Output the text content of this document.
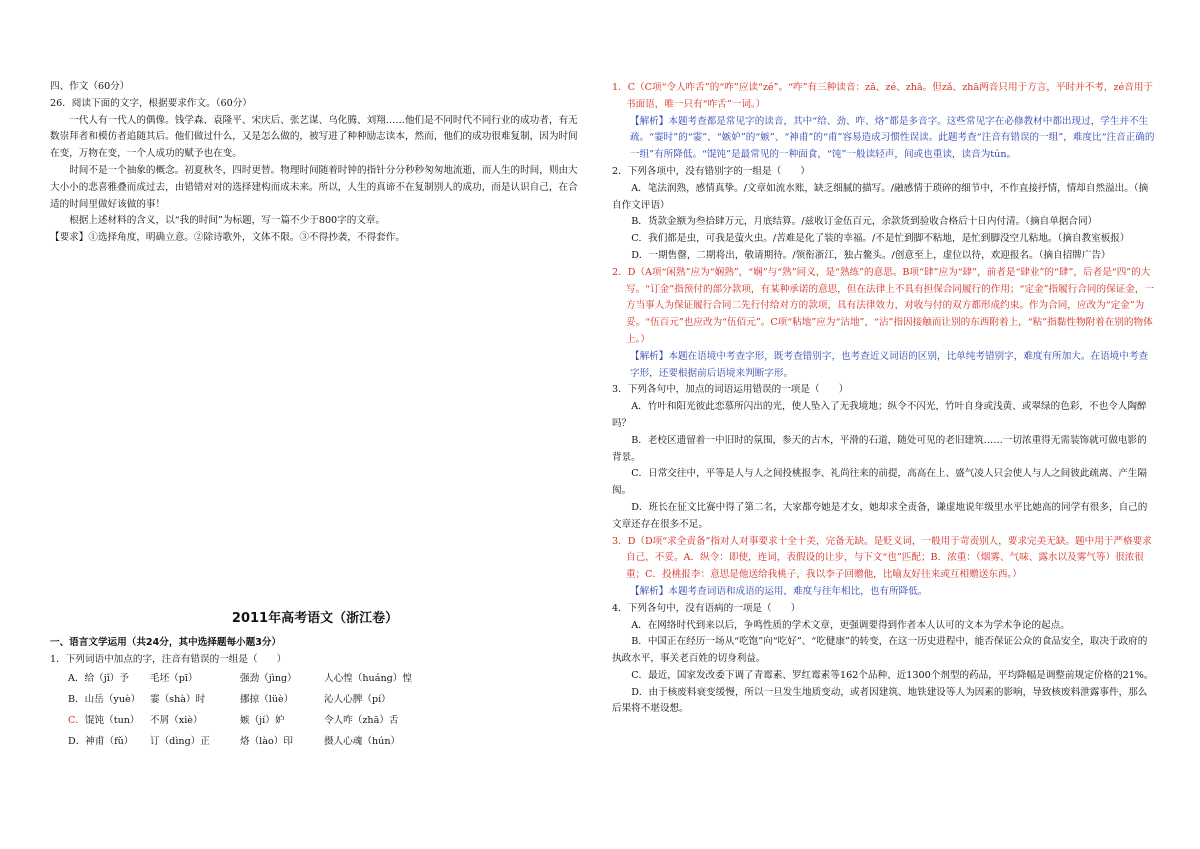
四、作文（60分）
26．阅读下面的文字，根据要求作文。（60分）
一代人有一代人的偶像。钱学森、袁隆平、宋庆后、张艺谋、乌化腾、刘翔……他们是不同时代不同行业的成功者，有无数崇拜者和模仿者追随其后。他们做过什么，又是怎么做的，被写进了种种励志读本，然而，他们的成功很难复制，因为时间在变，万物在变，一个人成功的赋予也在变。
时间不是一个抽象的概念。初夏秋冬，四时更替。物理时间随着时钟的指针分分秒秒匆匆地流逝，而人生的时间，则由大大小小的悲喜雅叠而成过去，由错错对对的选择建构而成未来。所以，人生的真谛不在复制别人的成功，而是认识自己，在合适的时间里做好该做的事！
根据上述材料的含义，以“我的时间”为标题，写一篇不少于800字的文章。
【要求】①选择角度，明确立意。②除诗歌外，文体不限。③不得抄袭，不得套作。
2011年高考语文（浙江卷）
一、语言文学运用（共24分，其中选择题每小题3分）
1．下列词语中加点的字，注音有错误的一组是（　　）
A．给（jǐ）予	毛坯（pī）	强劲（jìng）	人心惶（huáng）惶
B．山岳（yuè）	霎（shà）时	挪掠（lüè）	沁人心脾（pí）
C．馄饨（tun）	不屑（xiè）	嫉（jí）妒	令人咋（zhā）舌
D．神甫（fǔ）	订（dìng）正	烙（lào）印	摄人心魂（hún）
1．C（C项“令人咋舌”的“咋”应读“zé”。“咋”有三种读音：zǎ、zé、zhā。但zǎ、zhā两音只用于方言，平时并不考，zé音用于书面语，唯一只有“咋舌”一词。）
【解析】本题考查都是常见字的读音，其中“给、劲、咋、烙”都是多音字。这些常见字在必修教材中都出现过，学生并不生疏。“霎时”的“霎”、“嫉妒”的“嫉”、“神甫”的“甫”容易造成习惯性误读。此题考查“注音有错误的一组”，难度比“注音正确的一组”有所降低。“馄饨”是最常见的一种面食，“饨”一般读轻声，间或也重读，读音为tún。
2．下列各项中，没有错别字的一组是（　　）
A．笔法润熟，感情真挚。/文章如流水账，缺乏细腻的描写。/融感情于琐碎的细节中，不作直接抒情，情却自然溢出。（摘自作文评语）
B．货款金额为叁拾肆万元，月底结算。/兹收订金伍百元，余款货到验收合格后十日内付清。（摘自单据合同）
C．我们都是虫，可我是萤火虫。/苦难是化了装的幸福。/不是忙到脚不粘地，是忙到脚没空儿粘地。（摘自教室板报）
D．一期售罄，二期将出，敬请期待。/领衔浙江，独占鳌头。/创意至上，虚位以待，欢迎报名。（摘自招牌广告）
2．D（A项“闲熟”应为“娴熟”，“娴”与“熟”同义，是“熟练”的意思。B项“肆”应为“肆”，前者是“肆业”的“肆”，后者是“四”的大写。“订金”指预付的部分款项，有某种承诺的意思，但在法律上不具有担保合同履行的作用；“定金”指履行合同的保证金，一方当事人为保证履行合同二先行付给对方的款项，具有法律效力，对收与付的双方都形成约束。作为合同，应改为“定金”为妥。“伍百元”也应改为“伍佰元”。C项“粘地”应为“沾地”，“沾”指因接触而让别的东西附着上，“粘”指黏性物附着在别的物体上。）
【解析】本题在语境中考查字形，既考查错别字，也考查近义词语的区别，比单纯考错别字，难度有所加大。在语境中考查字形，还要根据前后语境来判断字形。
3．下列各句中，加点的词语运用错误的一项是（　　）
A．竹叶和阳光彼此恋慕所闪出的光，使人坠入了无我境地；纵令不闪光，竹叶自身或浅黄、或翠绿的色彩，不也令人陶醉吗？
B．老校区遗留着一中旧时的氛围，参天的古木，平滑的石道，随处可见的老旧建筑……一切浓重得无需装饰就可做电影的背景。
C．日常交往中，平等是人与人之间投桃报李、礼尚往来的前提，高高在上、盛气凌人只会使人与人之间彼此疏离、产生隔阂。
D．班长在征文比赛中得了第二名，大家都夸她是才女，她却求全责备，谦虚地说年级里水平比她高的同学有很多，自己的文章还存在很多不足。
3．D（D项“求全责备”指对人对事要求十全十美，完备无缺。是贬义词，一般用于苛责别人，要求完美无缺。题中用于严格要求自己，不妥。A．纵令：即使，连词，表假设的让步，与下文“也”匹配；B．浓重：（烟雾、气味、露水以及雾气等）很浓很重；C．投桃报李：意思是他送给我桃子，我以李子回赠他，比喻友好往来或互相赠送东西。）
【解析】本题考查词语和成语的运用，难度与往年相比，也有所降低。
4．下列各句中，没有语病的一项是（　　）
A．在网络时代到来以后，争鸣性质的学术文章，更强调要得到作者本人认可的文本为学术争论的起点。
B．中国正在经历一场从“吃饱”向“吃好”、“吃健康”的转变，在这一历史进程中，能否保证公众的食品安全，取决于政府的执政水平，事关老百姓的切身利益。
C．最近，国家发改委下调了青霉素、罗红霉素等162个品种、近1300个剂型的药品，平均降幅是调整前规定价格的21%。
D．由于核废料衰变缓慢，所以一旦发生地质变动，或者因建筑、地铁建设等人为因素的影响，导致核废料泄露事件，那么后果将不堪设想。
